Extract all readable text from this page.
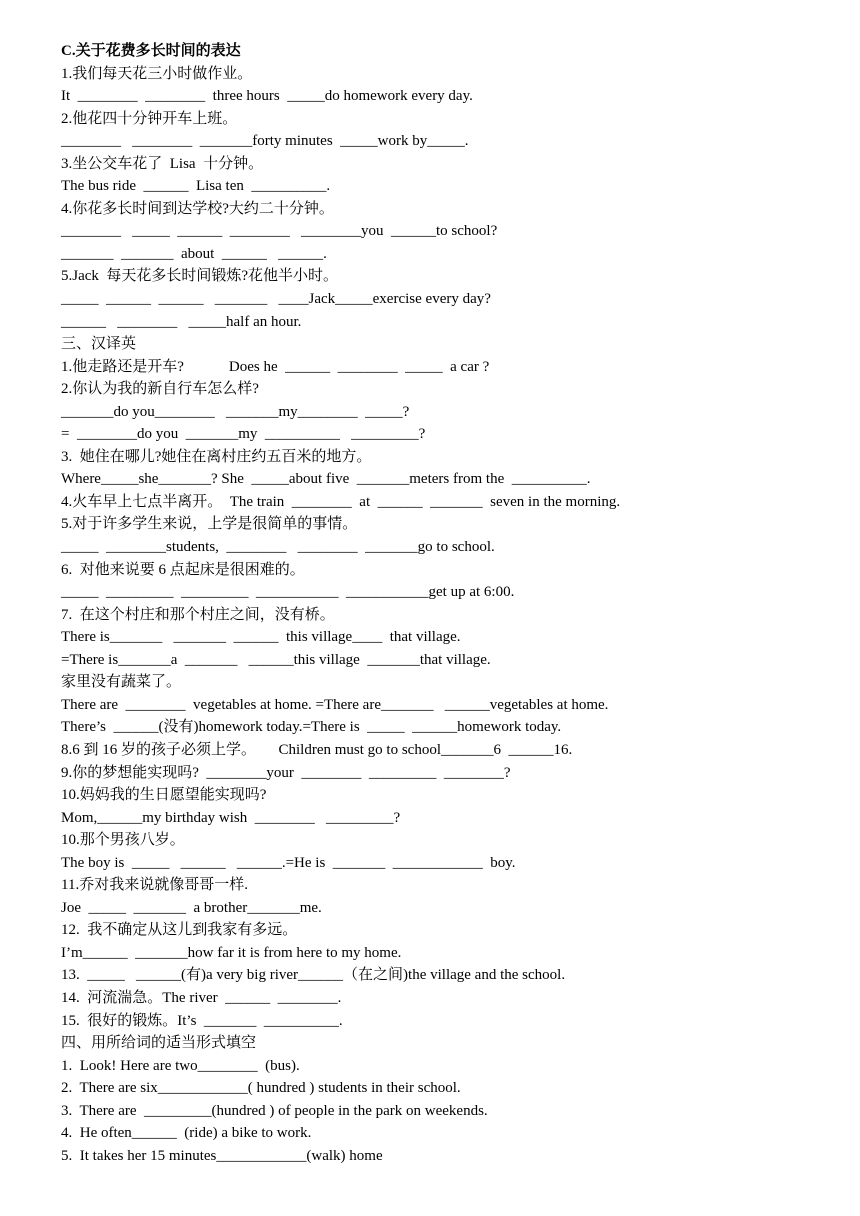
C.关于花费多长时间的表达
1.我们每天花三小时做作业。
It  ________  ________  three hours  _____do homework every day.
2.他花四十分钟开车上班。
________   ________  _______forty minutes  _____work by_____.
3.坐公交车花了  Lisa  十分钟。
The bus ride  ______  Lisa ten  __________.
4.你花多长时间到达学校?大约二十分钟。
________   _____  ______  ________   ________you  ______to school?
_______  _______  about  ______   ______.
5.Jack  每天花多长时间锻炼?花他半小时。
_____  ______  ______   _______   ____Jack_____exercise every day?
______   ________   _____half an hour.
三、汉译英
1.他走路还是开车?            Does he  ______  ________  _____  a car ?
2.你认为我的新自行车怎么样?
_______do you________   _______my________  _____?
=  ________do you  _______my  __________   _________?
3.  她住在哪儿?她住在离村庄约五百米的地方。
Where_____she_______? She  _____about five  _______meters from the  __________.
4.火车早上七点半离开。  The train  ________  at  ______  _______  seven in the morning.
5.对于许多学生来说，上学是很简单的事情。
_____  ________students,  ________   ________  _______go to school.
6.  对他来说要 6 点起床是很困难的。
_____  _________  _________  ___________  ___________get up at 6:00.
7.  在这个村庄和那个村庄之间，没有桥。
There is_______   _______  ______  this village____  that village.
=There is_______a  _______   ______this village  _______that village.
家里没有蔬菜了。
There are  ________  vegetables at home. =There are_______   ______vegetables at home.
There’s  ______(没有)homework today.=There is  _____  ______homework today.
8.6 到 16 岁的孩子必须上学。      Children must go to school_______6  ______16.
9.你的梦想能实现吗?  ________your  ________  _________  ________?
10.妈妈我的生日愿望能实现吗?
Mom,______my birthday wish  ________   _________?
10.那个男孩八岁。
The boy is  _____   ______   ______.=He is  _______  ____________  boy.
11.乔对我来说就像哥哥一样.
Joe  _____  _______  a brother_______me.
12.  我不确定从这儿到我家有多远。
I’m______  _______how far it is from here to my home.
13.  _____   ______(有)a very big river______（在之间)the village and the school.
14.  河流湍急。The river  ______  ________.
15.  很好的锻炼。It’s  _______  __________.
四、用所给词的适当形式填空
1.  Look! Here are two________  (bus).
2.  There are six____________( hundred ) students in their school.
3.  There are  _________(hundred ) of people in the park on weekends.
4.  He often______  (ride) a bike to work.
5.  It takes her 15 minutes____________(walk) home
